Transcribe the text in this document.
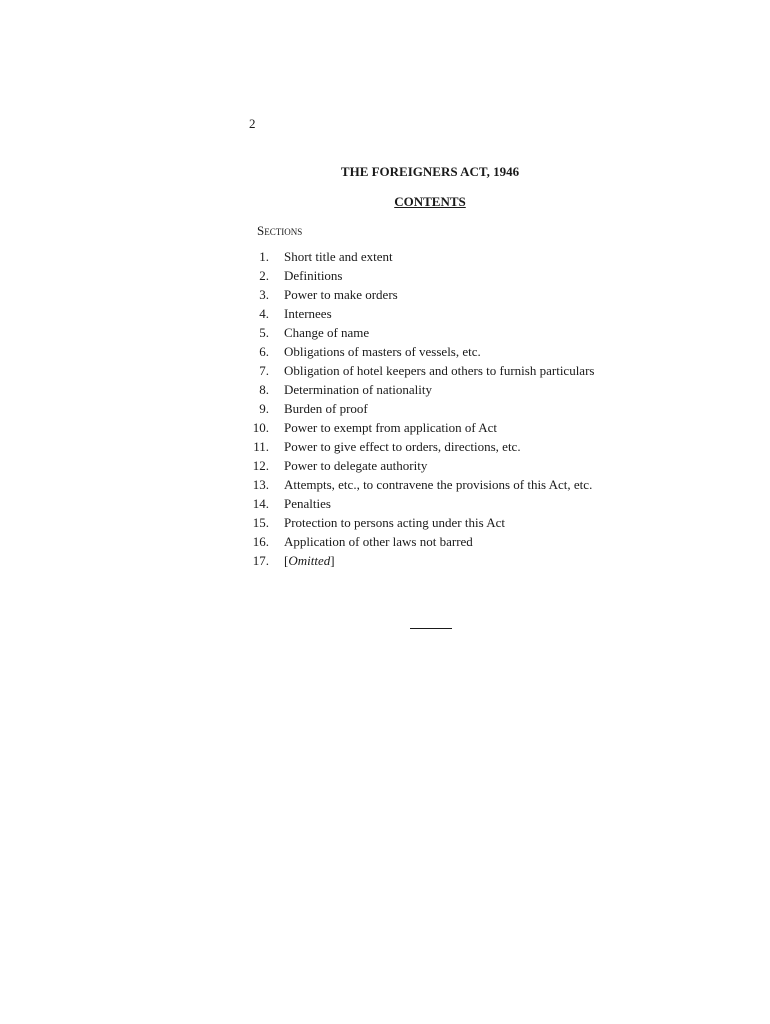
2
THE FOREIGNERS ACT, 1946
CONTENTS
Sections
1. Short title and extent
2. Definitions
3. Power to make orders
4. Internees
5. Change of name
6. Obligations of masters of vessels, etc.
7. Obligation of hotel keepers and others to furnish particulars
8. Determination of nationality
9. Burden of proof
10. Power to exempt from application of Act
11. Power to give effect to orders, directions, etc.
12. Power to delegate authority
13. Attempts, etc., to contravene the provisions of this Act, etc.
14. Penalties
15. Protection to persons acting under this Act
16. Application of other laws not barred
17. [Omitted]
